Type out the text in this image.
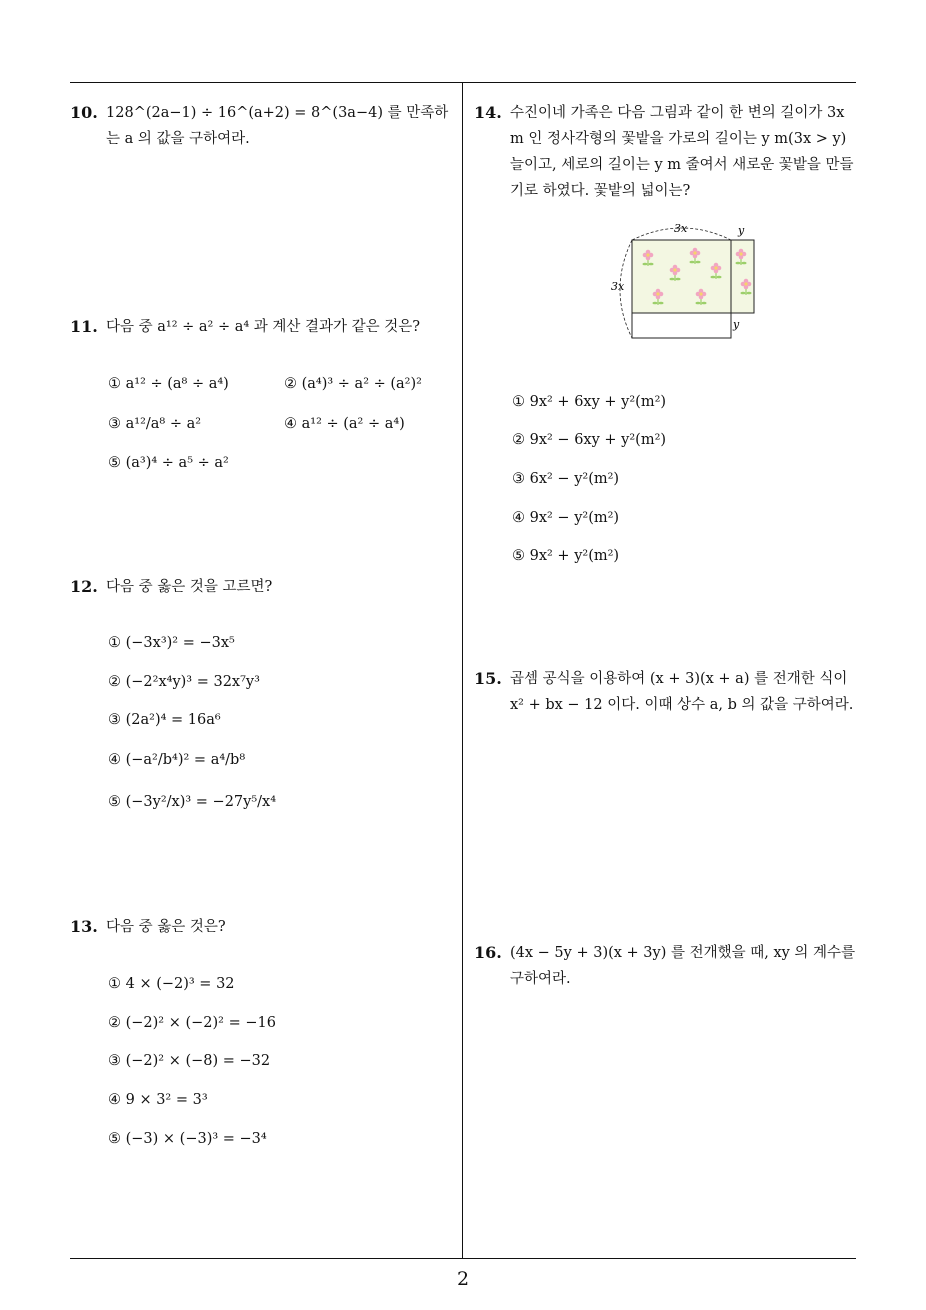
10. 128^(2a−1) ÷ 16^(a+2) = 8^(3a−4) 를 만족하는 a 의 값을 구하여라.
11. 다음 중 a¹² ÷ a² ÷ a⁴ 과 계산 결과가 같은 것은?
① a¹² ÷ (a⁸ ÷ a⁴)	② (a⁴)³ ÷ a² ÷ (a²)²
③ a¹²/a⁸ ÷ a²	④ a¹² ÷ (a² ÷ a⁴)
⑤ (a³)⁴ ÷ a⁵ ÷ a²
12. 다음 중 옳은 것을 고르면?
① (−3x³)² = −3x⁵
② (−2²x⁴y)³ = 32x⁷y³
③ (2a²)⁴ = 16a⁶
④ (−a²/b⁴)² = a⁴/b⁸
⑤ (−3y²/x)³ = −27y⁵/x⁴
13. 다음 중 옳은 것은?
① 4 × (−2)³ = 32
② (−2)² × (−2)² = −16
③ (−2)² × (−8) = −32
④ 9 × 3² = 3³
⑤ (−3) × (−3)³ = −3⁴
14. 수진이네 가족은 다음 그림과 같이 한 변의 길이가 3x m 인 정사각형의 꽃밭을 가로의 길이는 y m(3x > y) 늘이고, 세로의 길이는 y m 줄여서 새로운 꽃밭을 만들기로 하였다. 꽃밭의 넓이는?
3x
3x
y
y
① 9x² + 6xy + y²(m²)
② 9x² − 6xy + y²(m²)
③ 6x² − y²(m²)
④ 9x² − y²(m²)
⑤ 9x² + y²(m²)
15. 곱셈 공식을 이용하여 (x + 3)(x + a) 를 전개한 식이 x² + bx − 12 이다. 이때 상수 a, b 의 값을 구하여라.
16. (4x − 5y + 3)(x + 3y) 를 전개했을 때, xy 의 계수를 구하여라.
2
